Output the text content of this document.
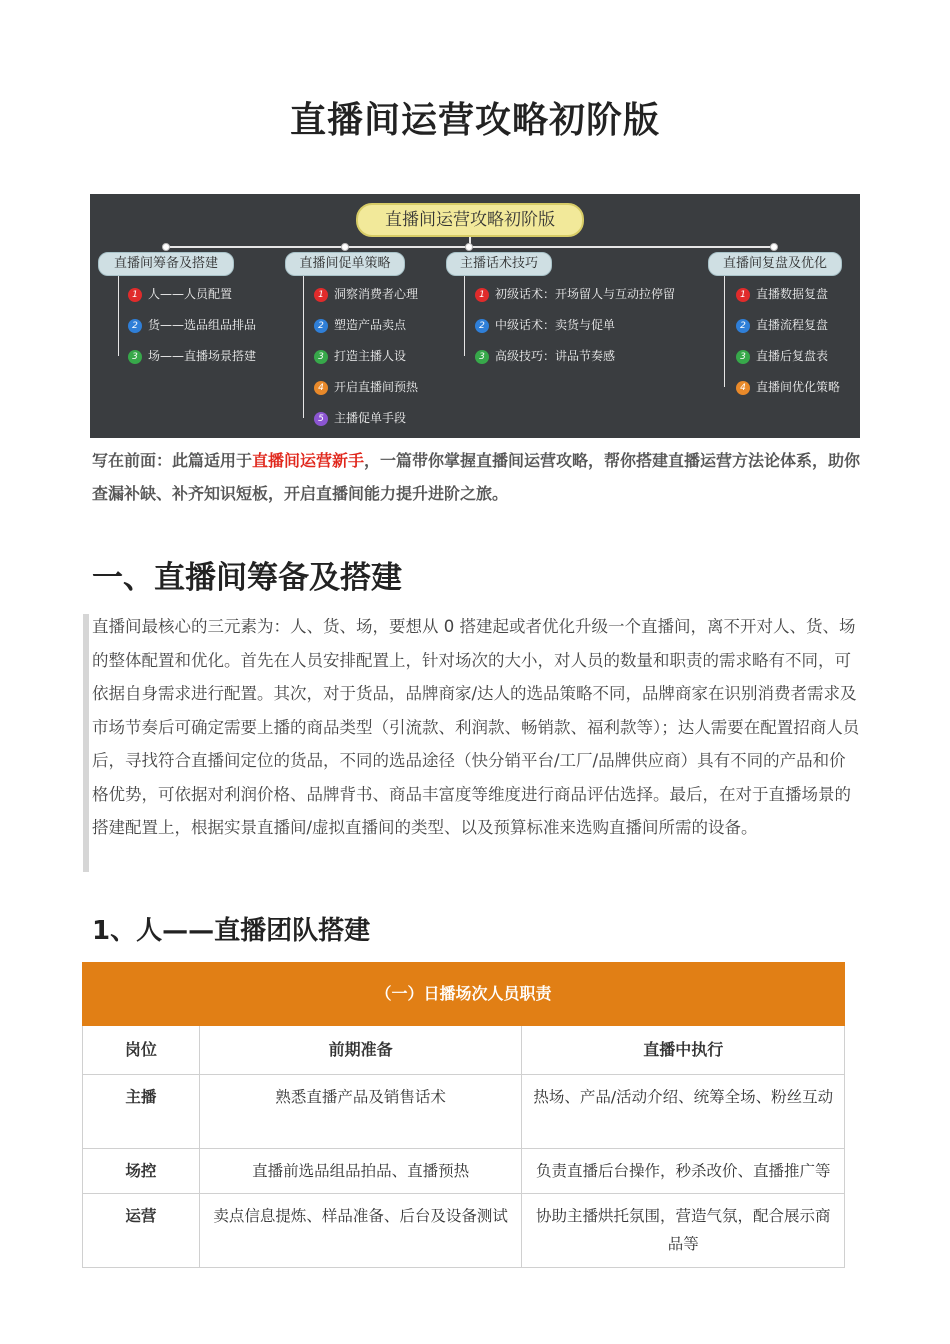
直播间运营攻略初阶版
直播间运营攻略初阶版
直播间筹备及搭建
1 人——人员配置
2 货——选品组品排品
3 场——直播场景搭建
直播间促单策略
1 洞察消费者心理
2 塑造产品卖点
3 打造主播人设
4 开启直播间预热
5 主播促单手段
主播话术技巧
1 初级话术：开场留人与互动拉停留
2 中级话术：卖货与促单
3 高级技巧：讲品节奏感
直播间复盘及优化
1 直播数据复盘
2 直播流程复盘
3 直播后复盘表
4 直播间优化策略
写在前面：此篇适用于直播间运营新手，一篇带你掌握直播间运营攻略，帮你搭建直播运营方法论体系，助你查漏补缺、补齐知识短板，开启直播间能力提升进阶之旅。
一、直播间筹备及搭建
直播间最核心的三元素为：人、货、场，要想从 0 搭建起或者优化升级一个直播间，离不开对人、货、场的整体配置和优化。首先在人员安排配置上，针对场次的大小，对人员的数量和职责的需求略有不同，可依据自身需求进行配置。其次，对于货品，品牌商家/达人的选品策略不同，品牌商家在识别消费者需求及市场节奏后可确定需要上播的商品类型（引流款、利润款、畅销款、福利款等）；达人需要在配置招商人员后，寻找符合直播间定位的货品，不同的选品途径（快分销平台/工厂/品牌供应商）具有不同的产品和价格优势，可依据对利润价格、品牌背书、商品丰富度等维度进行商品评估选择。最后，在对于直播场景的搭建配置上，根据实景直播间/虚拟直播间的类型、以及预算标准来选购直播间所需的设备。
1、人——直播团队搭建
（一）日播场次人员职责		
岗位	前期准备	直播中执行
主播	熟悉直播产品及销售话术	热场、产品/活动介绍、统筹全场、粉丝互动
场控	直播前选品组品拍品、直播预热	负责直播后台操作，秒杀改价、直播推广等
运营	卖点信息提炼、样品准备、后台及设备测试	协助主播烘托氛围，营造气氛，配合展示商品等
